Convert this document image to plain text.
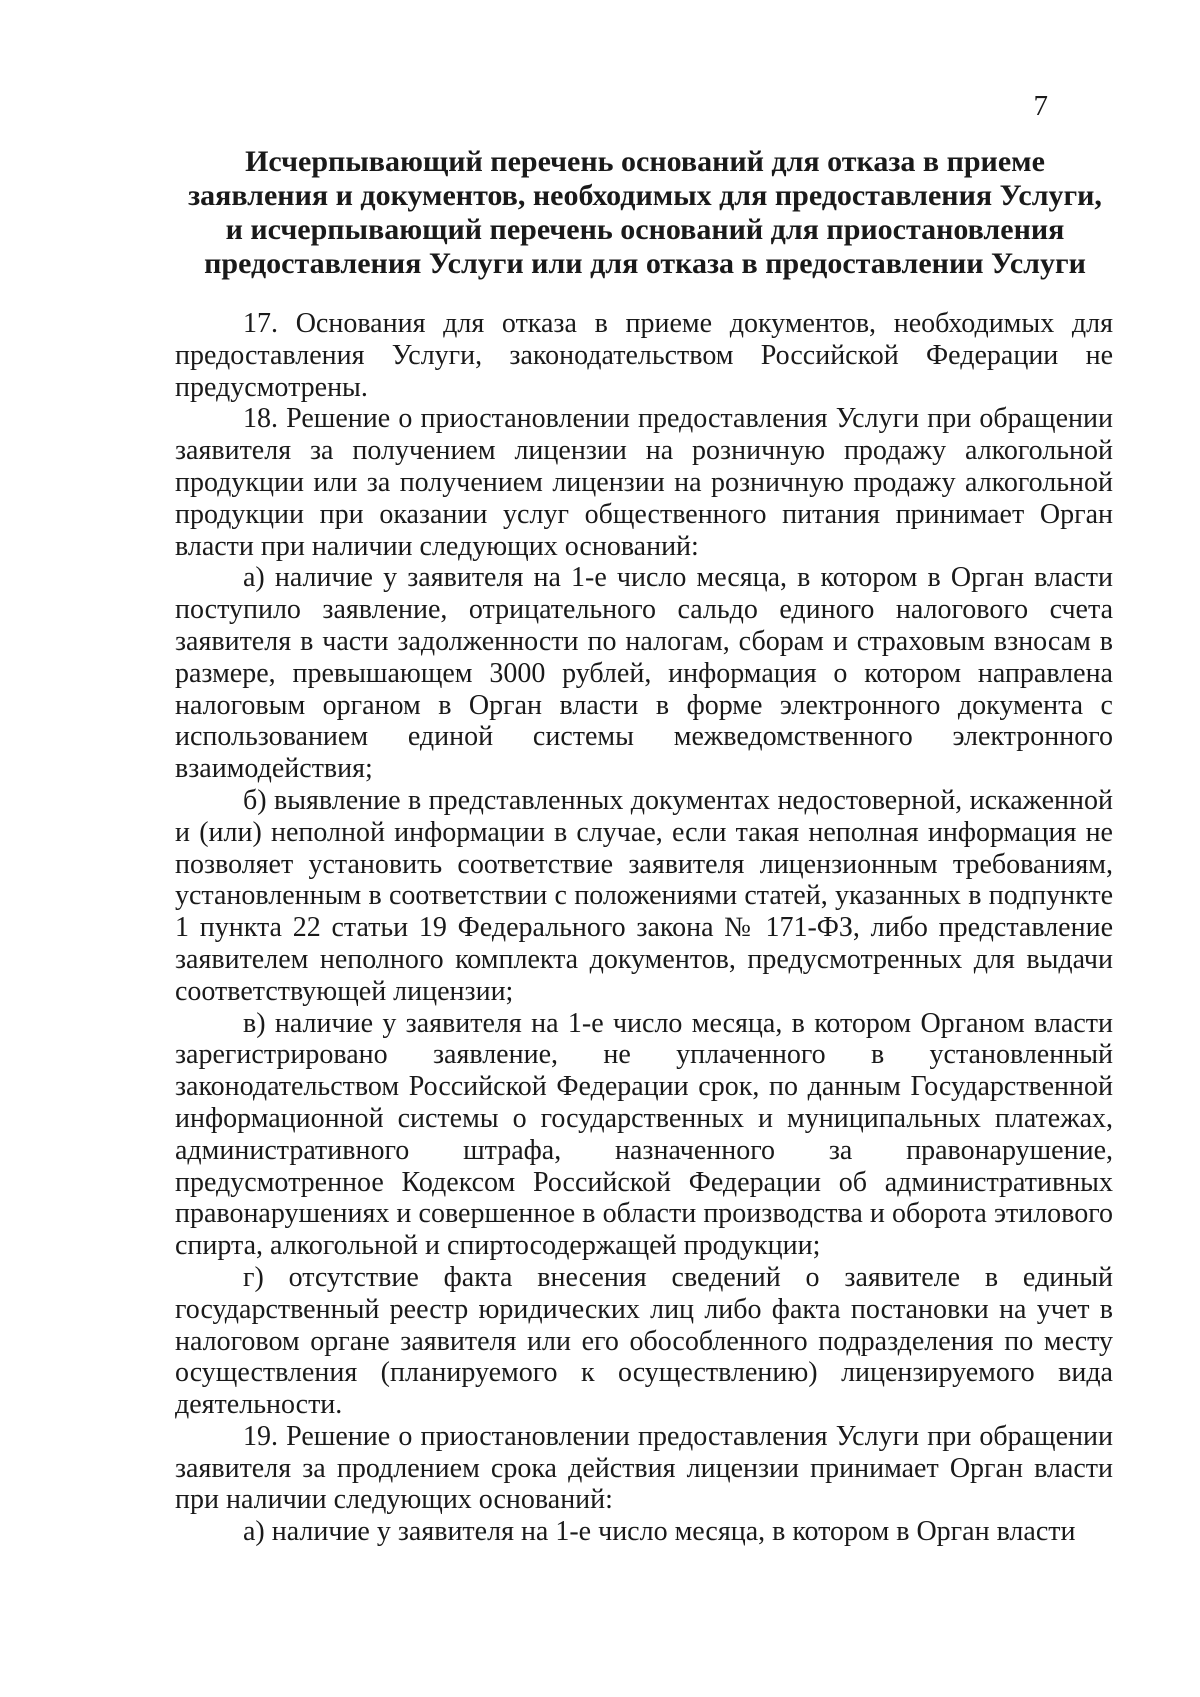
7
Исчерпывающий перечень оснований для отказа в приеме
заявления и документов, необходимых для предоставления Услуги,
и исчерпывающий перечень оснований для приостановления
предоставления Услуги или для отказа в предоставлении Услуги

17. Основания для отказа в приеме документов, необходимых для предоставления Услуги, законодательством Российской Федерации не предусмотрены.

18. Решение о приостановлении предоставления Услуги при обращении заявителя за получением лицензии на розничную продажу алкогольной продукции или за получением лицензии на розничную продажу алкогольной продукции при оказании услуг общественного питания принимает Орган власти при наличии следующих оснований:

а) наличие у заявителя на 1-е число месяца, в котором в Орган власти поступило заявление, отрицательного сальдо единого налогового счета заявителя в части задолженности по налогам, сборам и страховым взносам в размере, превышающем 3000 рублей, информация о котором направлена налоговым органом в Орган власти в форме электронного документа с использованием единой системы межведомственного электронного взаимодействия;

б) выявление в представленных документах недостоверной, искаженной и (или) неполной информации в случае, если такая неполная информация не позволяет установить соответствие заявителя лицензионным требованиям, установленным в соответствии с положениями статей, указанных в подпункте 1 пункта 22 статьи 19 Федерального закона № 171-ФЗ, либо представление заявителем неполного комплекта документов, предусмотренных для выдачи соответствующей лицензии;

в) наличие у заявителя на 1-е число месяца, в котором Органом власти зарегистрировано заявление, не уплаченного в установленный законодательством Российской Федерации срок, по данным Государственной информационной системы о государственных и муниципальных платежах, административного штрафа, назначенного за правонарушение, предусмотренное Кодексом Российской Федерации об административных правонарушениях и совершенное в области производства и оборота этилового спирта, алкогольной и спиртосодержащей продукции;

г) отсутствие факта внесения сведений о заявителе в единый государственный реестр юридических лиц либо факта постановки на учет в налоговом органе заявителя или его обособленного подразделения по месту осуществления (планируемого к осуществлению) лицензируемого вида деятельности.

19. Решение о приостановлении предоставления Услуги при обращении заявителя за продлением срока действия лицензии принимает Орган власти при наличии следующих оснований:

а) наличие у заявителя на 1-е число месяца, в котором в Орган власти
